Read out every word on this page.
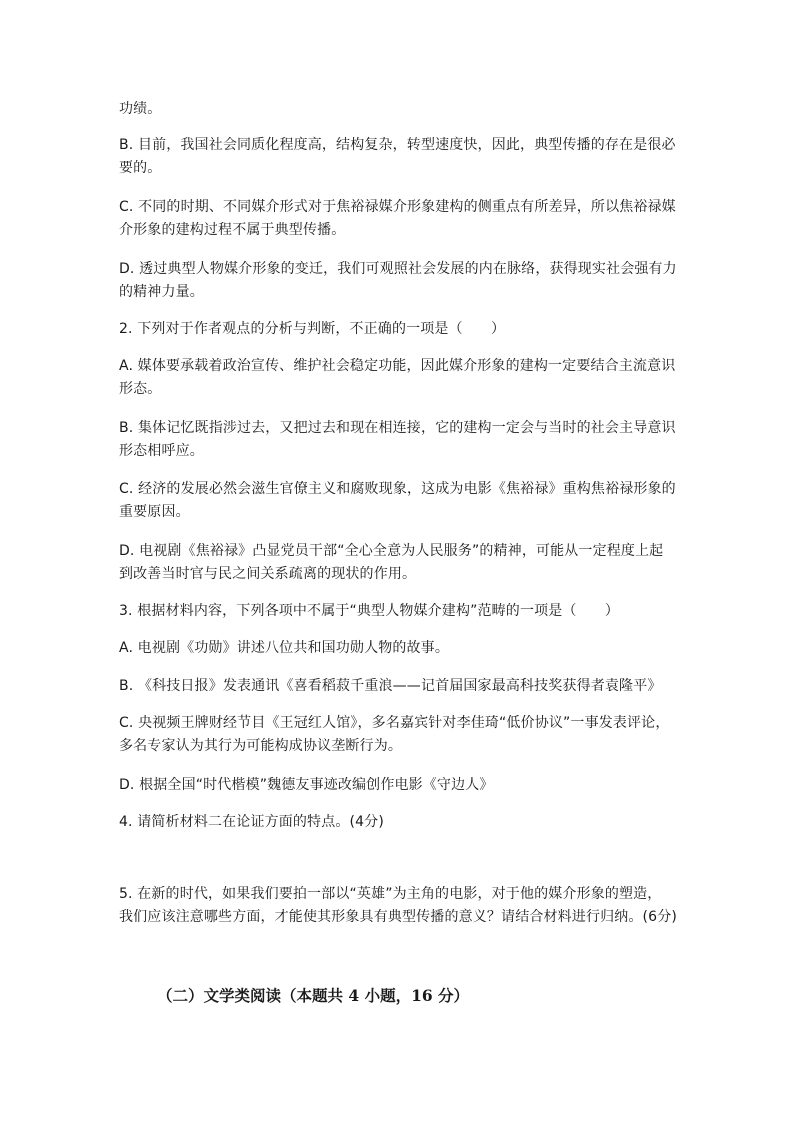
功绩。
B. 目前，我国社会同质化程度高，结构复杂，转型速度快，因此，典型传播的存在是很必
要的。
C. 不同的时期、不同媒介形式对于焦裕禄媒介形象建构的侧重点有所差异，所以焦裕禄媒
介形象的建构过程不属于典型传播。
D. 透过典型人物媒介形象的变迁，我们可观照社会发展的内在脉络，获得现实社会强有力
的精神力量。
2. 下列对于作者观点的分析与判断，不正确的一项是（　　）
A. 媒体要承载着政治宣传、维护社会稳定功能，因此媒介形象的建构一定要结合主流意识
形态。
B. 集体记忆既指涉过去，又把过去和现在相连接，它的建构一定会与当时的社会主导意识
形态相呼应。
C. 经济的发展必然会滋生官僚主义和腐败现象，这成为电影《焦裕禄》重构焦裕禄形象的
重要原因。
D. 电视剧《焦裕禄》凸显党员干部“全心全意为人民服务”的精神，可能从一定程度上起
到改善当时官与民之间关系疏离的现状的作用。
3. 根据材料内容，下列各项中不属于“典型人物媒介建构”范畴的一项是（　　）
A. 电视剧《功勋》讲述八位共和国功勋人物的故事。
B. 《科技日报》发表通讯《喜看稻菽千重浪——记首届国家最高科技奖获得者袁隆平》
C. 央视频王牌财经节目《王冠红人馆》，多名嘉宾针对李佳琦“低价协议”一事发表评论，
多名专家认为其行为可能构成协议垄断行为。
D. 根据全国“时代楷模”魏德友事迹改编创作电影《守边人》
4. 请简析材料二在论证方面的特点。(4分)
5. 在新的时代，如果我们要拍一部以“英雄”为主角的电影，对于他的媒介形象的塑造，
我们应该注意哪些方面，才能使其形象具有典型传播的意义？请结合材料进行归纳。(6分)
（二）文学类阅读（本题共 4 小题，16 分）
